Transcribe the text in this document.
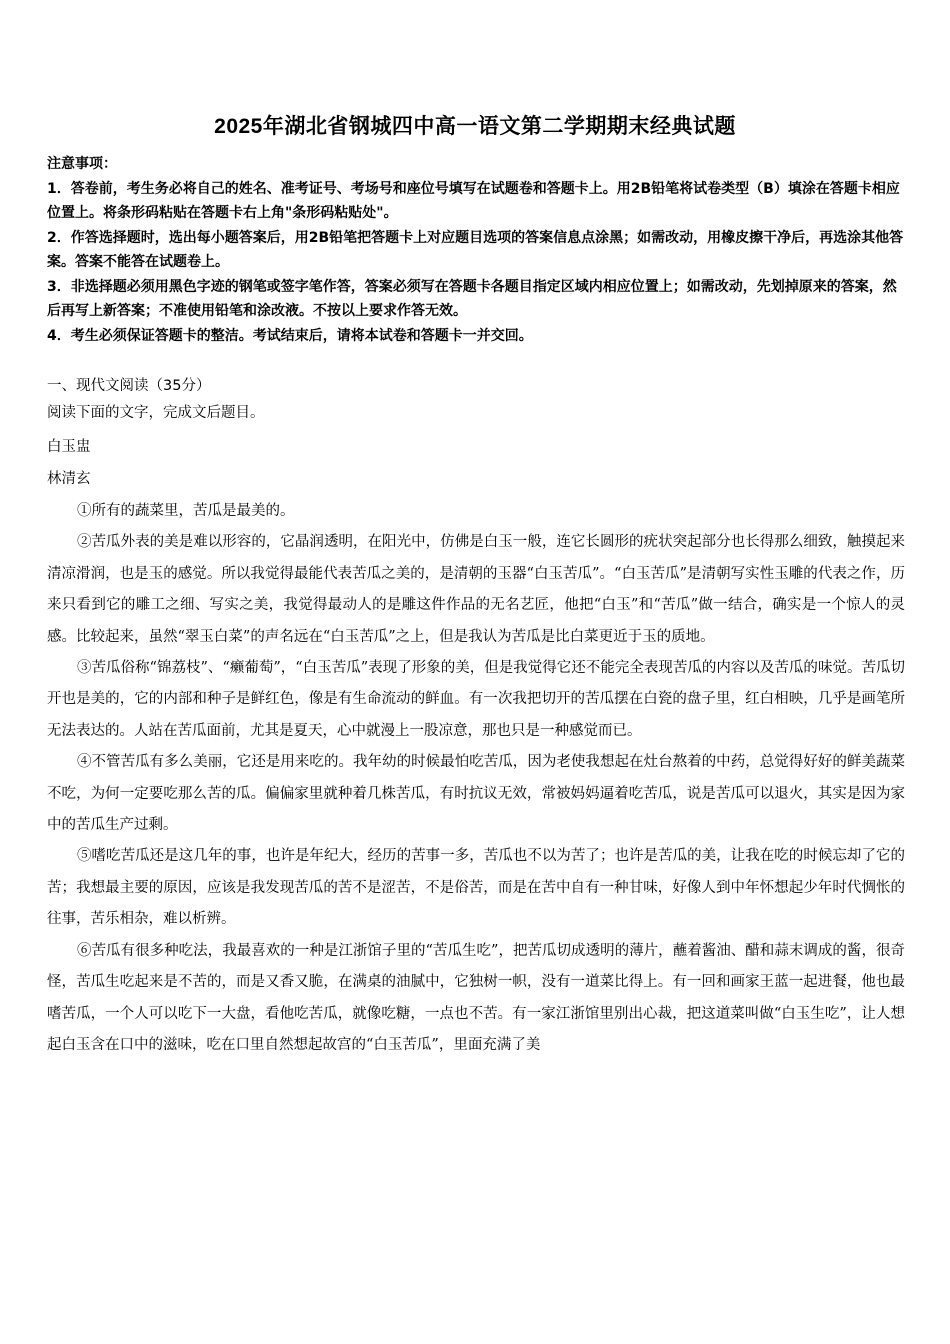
2025年湖北省钢城四中高一语文第二学期期末经典试题

注意事项：

1．答卷前，考生务必将自己的姓名、准考证号、考场号和座位号填写在试题卷和答题卡上。用2B铅笔将试卷类型（B）填涂在答题卡相应位置上。将条形码粘贴在答题卡右上角"条形码粘贴处"。

2．作答选择题时，选出每小题答案后，用2B铅笔把答题卡上对应题目选项的答案信息点涂黑；如需改动，用橡皮擦干净后，再选涂其他答案。答案不能答在试题卷上。

3．非选择题必须用黑色字迹的钢笔或签字笔作答，答案必须写在答题卡各题目指定区域内相应位置上；如需改动，先划掉原来的答案，然后再写上新答案；不准使用铅笔和涂改液。不按以上要求作答无效。

4．考生必须保证答题卡的整洁。考试结束后，请将本试卷和答题卡一并交回。

一、现代文阅读（35分）
阅读下面的文字，完成文后题目。
白玉盅
林清玄

①所有的蔬菜里，苦瓜是最美的。

②苦瓜外表的美是难以形容的，它晶润透明，在阳光中，仿佛是白玉一般，连它长圆形的疣状突起部分也长得那么细致，触摸起来清凉滑润，也是玉的感觉。所以我觉得最能代表苦瓜之美的，是清朝的玉器“白玉苦瓜”。“白玉苦瓜”是清朝写实性玉雕的代表之作，历来只看到它的雕工之细、写实之美，我觉得最动人的是雕这件作品的无名艺匠，他把“白玉”和“苦瓜”做一结合，确实是一个惊人的灵感。比较起来，虽然“翠玉白菜”的声名远在“白玉苦瓜”之上，但是我认为苦瓜是比白菜更近于玉的质地。

③苦瓜俗称“锦荔枝”、“癞葡萄”，“白玉苦瓜”表现了形象的美，但是我觉得它还不能完全表现苦瓜的内容以及苦瓜的味觉。苦瓜切开也是美的，它的内部和种子是鲜红色，像是有生命流动的鲜血。有一次我把切开的苦瓜摆在白瓷的盘子里，红白相映，几乎是画笔所无法表达的。人站在苦瓜面前，尤其是夏天，心中就漫上一股凉意，那也只是一种感觉而已。

④不管苦瓜有多么美丽，它还是用来吃的。我年幼的时候最怕吃苦瓜，因为老使我想起在灶台熬着的中药，总觉得好好的鲜美蔬菜不吃，为何一定要吃那么苦的瓜。偏偏家里就种着几株苦瓜，有时抗议无效，常被妈妈逼着吃苦瓜，说是苦瓜可以退火，其实是因为家中的苦瓜生产过剩。

⑤嗜吃苦瓜还是这几年的事，也许是年纪大，经历的苦事一多，苦瓜也不以为苦了；也许是苦瓜的美，让我在吃的时候忘却了它的苦；我想最主要的原因，应该是我发现苦瓜的苦不是涩苦，不是俗苦，而是在苦中自有一种甘味，好像人到中年怀想起少年时代惆怅的往事，苦乐相杂，难以析辨。

⑥苦瓜有很多种吃法，我最喜欢的一种是江浙馆子里的“苦瓜生吃”，把苦瓜切成透明的薄片，蘸着酱油、醋和蒜末调成的酱，很奇怪，苦瓜生吃起来是不苦的，而是又香又脆，在满桌的油腻中，它独树一帜，没有一道菜比得上。有一回和画家王蓝一起进餐，他也最嗜苦瓜，一个人可以吃下一大盘，看他吃苦瓜，就像吃糖，一点也不苦。有一家江浙馆里别出心裁，把这道菜叫做“白玉生吃”，让人想起白玉含在口中的滋味，吃在口里自然想起故宫的“白玉苦瓜”，里面充满了美
